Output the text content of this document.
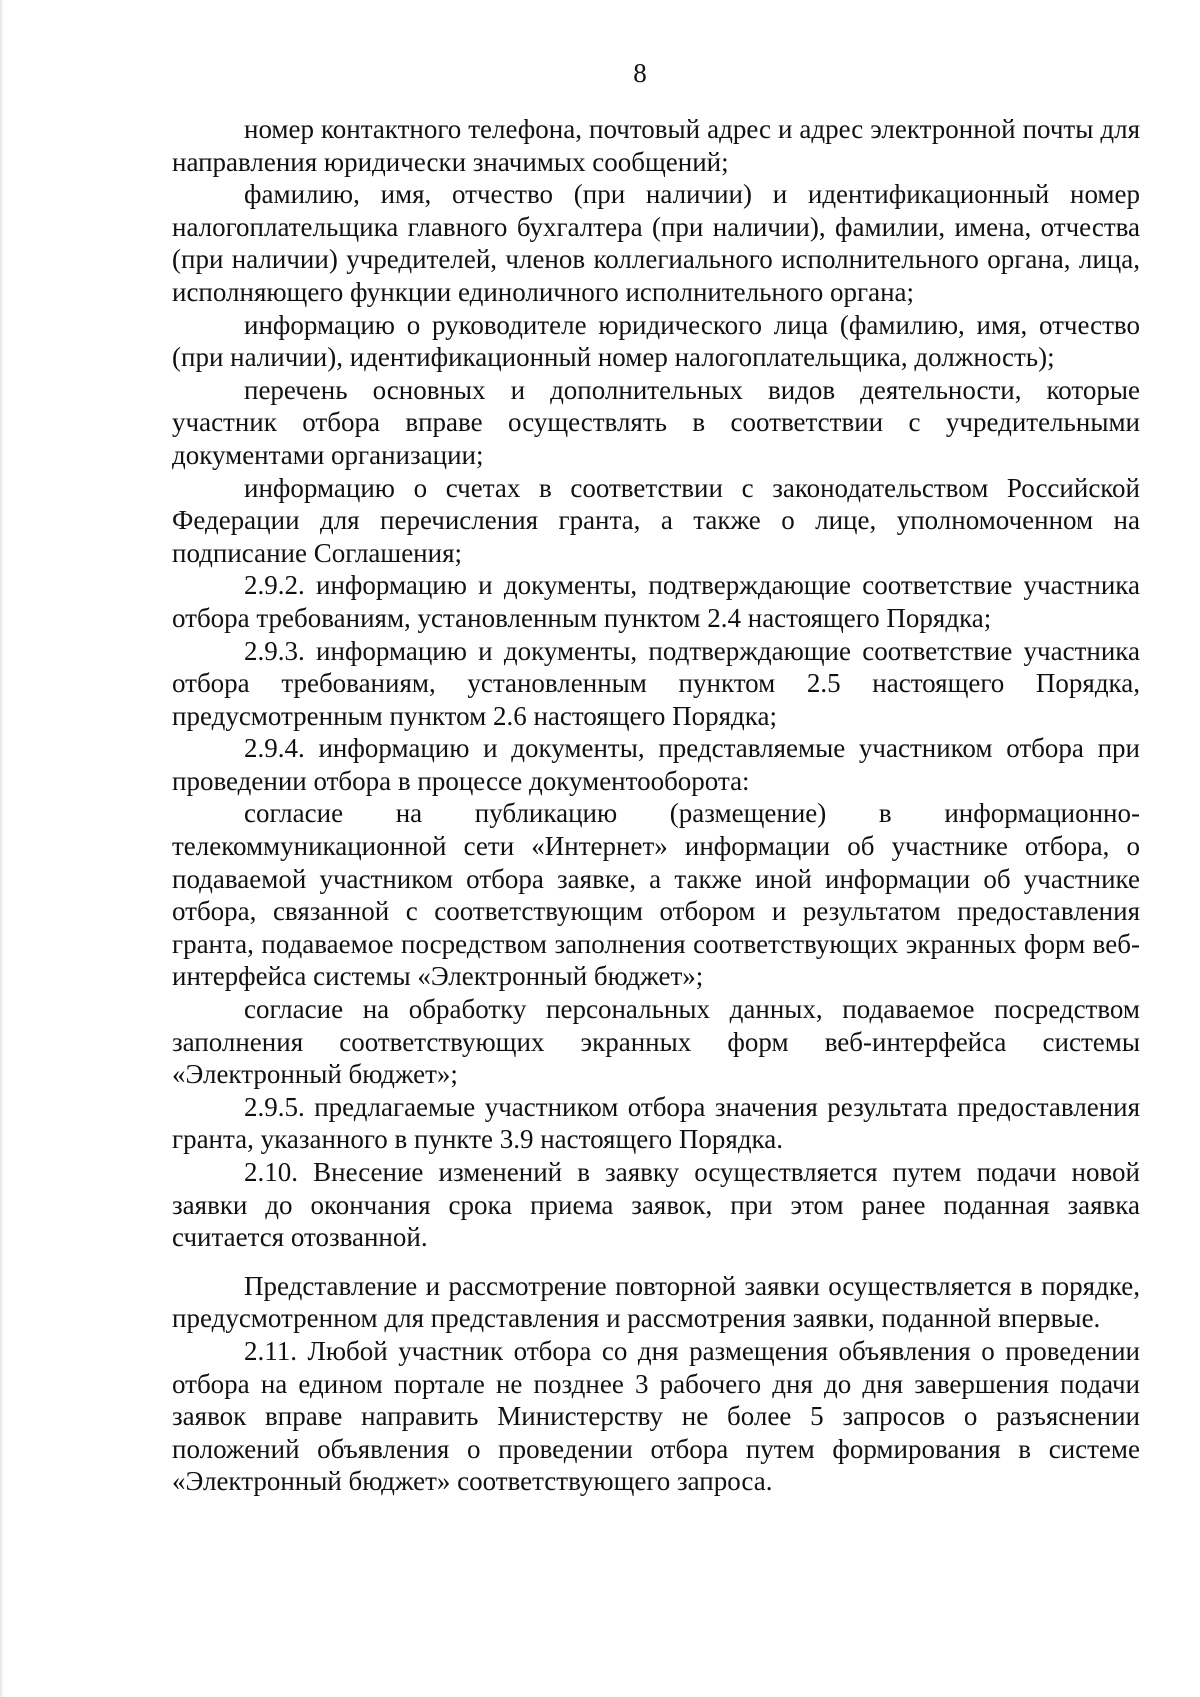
8

номер контактного телефона, почтовый адрес и адрес электронной почты для направления юридически значимых сообщений;

фамилию, имя, отчество (при наличии) и идентификационный номер налогоплательщика главного бухгалтера (при наличии), фамилии, имена, отчества (при наличии) учредителей, членов коллегиального исполнительного органа, лица, исполняющего функции единоличного исполнительного органа;

информацию о руководителе юридического лица (фамилию, имя, отчество (при наличии), идентификационный номер налогоплательщика, должность);

перечень основных и дополнительных видов деятельности, которые участник отбора вправе осуществлять в соответствии с учредительными документами организации;

информацию о счетах в соответствии с законодательством Российской Федерации для перечисления гранта, а также о лице, уполномоченном на подписание Соглашения;

2.9.2. информацию и документы, подтверждающие соответствие участника отбора требованиям, установленным пунктом 2.4 настоящего Порядка;

2.9.3. информацию и документы, подтверждающие соответствие участника отбора требованиям, установленным пунктом 2.5 настоящего Порядка, предусмотренным пунктом 2.6 настоящего Порядка;

2.9.4. информацию и документы, представляемые участником отбора при проведении отбора в процессе документооборота:

согласие на публикацию (размещение) в информационно-телекоммуникационной сети «Интернет» информации об участнике отбора, о подаваемой участником отбора заявке, а также иной информации об участнике отбора, связанной с соответствующим отбором и результатом предоставления гранта, подаваемое посредством заполнения соответствующих экранных форм веб-интерфейса системы «Электронный бюджет»;

согласие на обработку персональных данных, подаваемое посредством заполнения соответствующих экранных форм веб-интерфейса системы «Электронный бюджет»;

2.9.5. предлагаемые участником отбора значения результата предоставления гранта, указанного в пункте 3.9 настоящего Порядка.

2.10. Внесение изменений в заявку осуществляется путем подачи новой заявки до окончания срока приема заявок, при этом ранее поданная заявка считается отозванной.

Представление и рассмотрение повторной заявки осуществляется в порядке, предусмотренном для представления и рассмотрения заявки, поданной впервые.

2.11. Любой участник отбора со дня размещения объявления о проведении отбора на едином портале не позднее 3 рабочего дня до дня завершения подачи заявок вправе направить Министерству не более 5 запросов о разъяснении положений объявления о проведении отбора путем формирования в системе «Электронный бюджет» соответствующего запроса.
